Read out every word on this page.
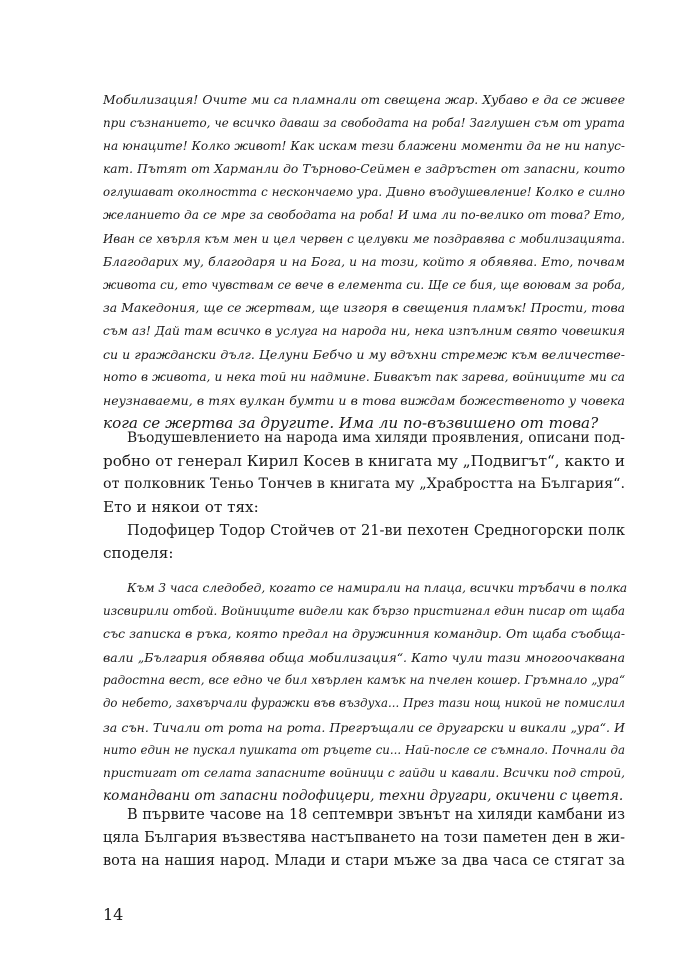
Мобилизация! Очите ми са пламнали от свещена жар. Хубаво е да се живее
при съзнанието, че всичко даваш за свободата на роба! Заглушен съм от урата
на юнаците! Колко живот! Как искам тези блажени моменти да не ни напус-
кат. Пътят от Харманли до Търново-Сеймен е задръстен от запасни, които
оглушават околността с нескончаемо ура. Дивно въодушевление! Колко е силно
желанието да се мре за свободата на роба! И има ли по-велико от това? Ето,
Иван се хвърля към мен и цел червен с целувки ме поздравява с мобилизацията.
Благодарих му, благодаря и на Бога, и на този, който я обявява. Ето, почвам
живота си, ето чувствам се вече в елемента си. Ще се бия, ще воювам за роба,
за Македония, ще се жертвам, ще изгоря в свещения пламък! Прости, това
съм аз! Дай там всичко в услуга на народа ни, нека изпълним свято човешкия
си и граждански дълг. Целуни Бебчо и му вдъхни стремеж към величестве-
ното в живота, и нека той ни надмине. Бивакът пак зарева, войниците ми са
неузнаваеми, в тях вулкан бумти и в това виждам божественото у човека
кога се жертва за другите. Има ли по-възвишено от това?
Въодушевлението на народа има хиляди проявления, описани под-
робно от генерал Кирил Косев в книгата му „Подвигът“, както и
от полковник Теньо Тончев в книгата му „Храбростта на България“.
Ето и някои от тях:
Подофицер Тодор Стойчев от 21-ви пехотен Средногорски полк
споделя:
Към 3 часа следобед, когато се намирали на плаца, всички тръбачи в полка
изсвирили отбой. Войниците видели как бързо пристигнал един писар от щаба
със записка в ръка, която предал на дружинния командир. От щаба съобща-
вали „България обявява обща мобилизация“. Като чули тази многоочаквана
радостна вест, все едно че бил хвърлен камък на пчелен кошер. Гръмнало „ура“
до небето, захвърчали фуражки във въздуха... През тази нощ никой не помислил
за сън. Тичали от рота на рота. Прегръщали се другарски и викали „ура“. И
нито един не пускал пушката от ръцете си... Най-после се съмнало. Почнали да
пристигат от селата запасните войници с гайди и кавали. Всички под строй,
командвани от запасни подофицери, техни другари, окичени с цветя.
В първите часове на 18 септември звънът на хиляди камбани из
цяла България възвестява настъпването на този паметен ден в жи-
вота на нашия народ. Млади и стари мъже за два часа се стягат за
14
